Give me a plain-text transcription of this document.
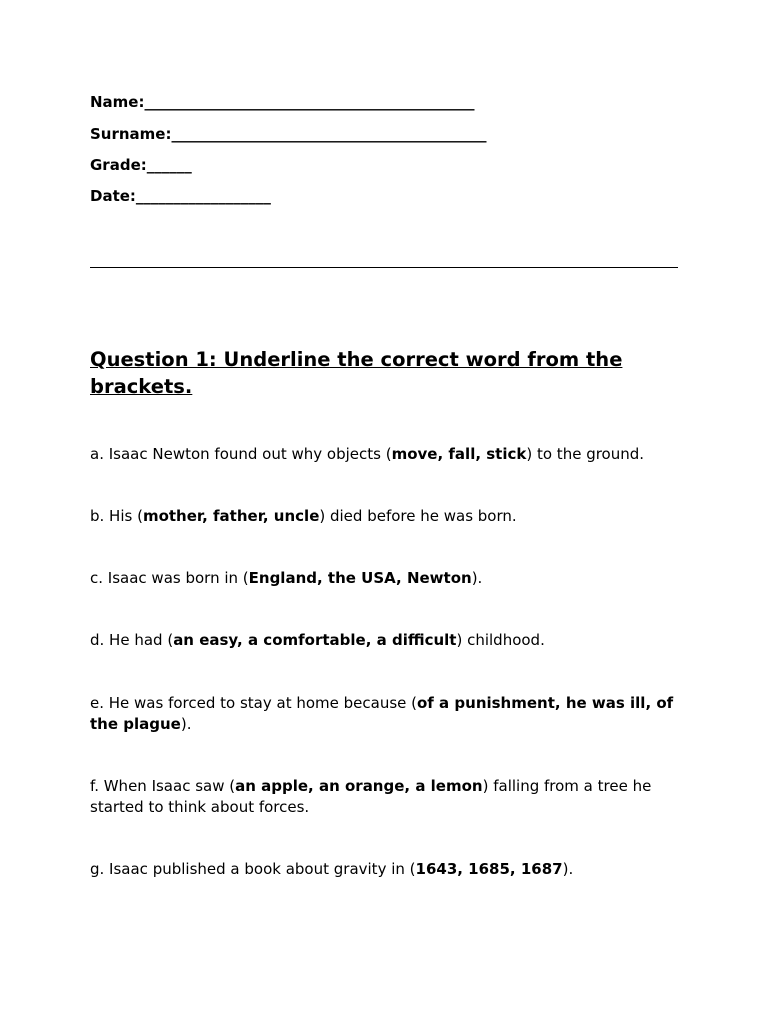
Name:____________________________________________

Surname:__________________________________________

Grade:______

Date:__________________

Question 1: Underline the correct word from the brackets.

a. Isaac Newton found out why objects (move, fall, stick) to the ground.

b. His (mother, father, uncle) died before he was born.

c. Isaac was born in (England, the USA, Newton).

d. He had (an easy, a comfortable, a difficult) childhood.

e. He was forced to stay at home because (of a punishment, he was ill, of the plague).

f. When Isaac saw (an apple, an orange, a lemon) falling from a tree he started to think about forces.

g. Isaac published a book about gravity in (1643, 1685, 1687).
